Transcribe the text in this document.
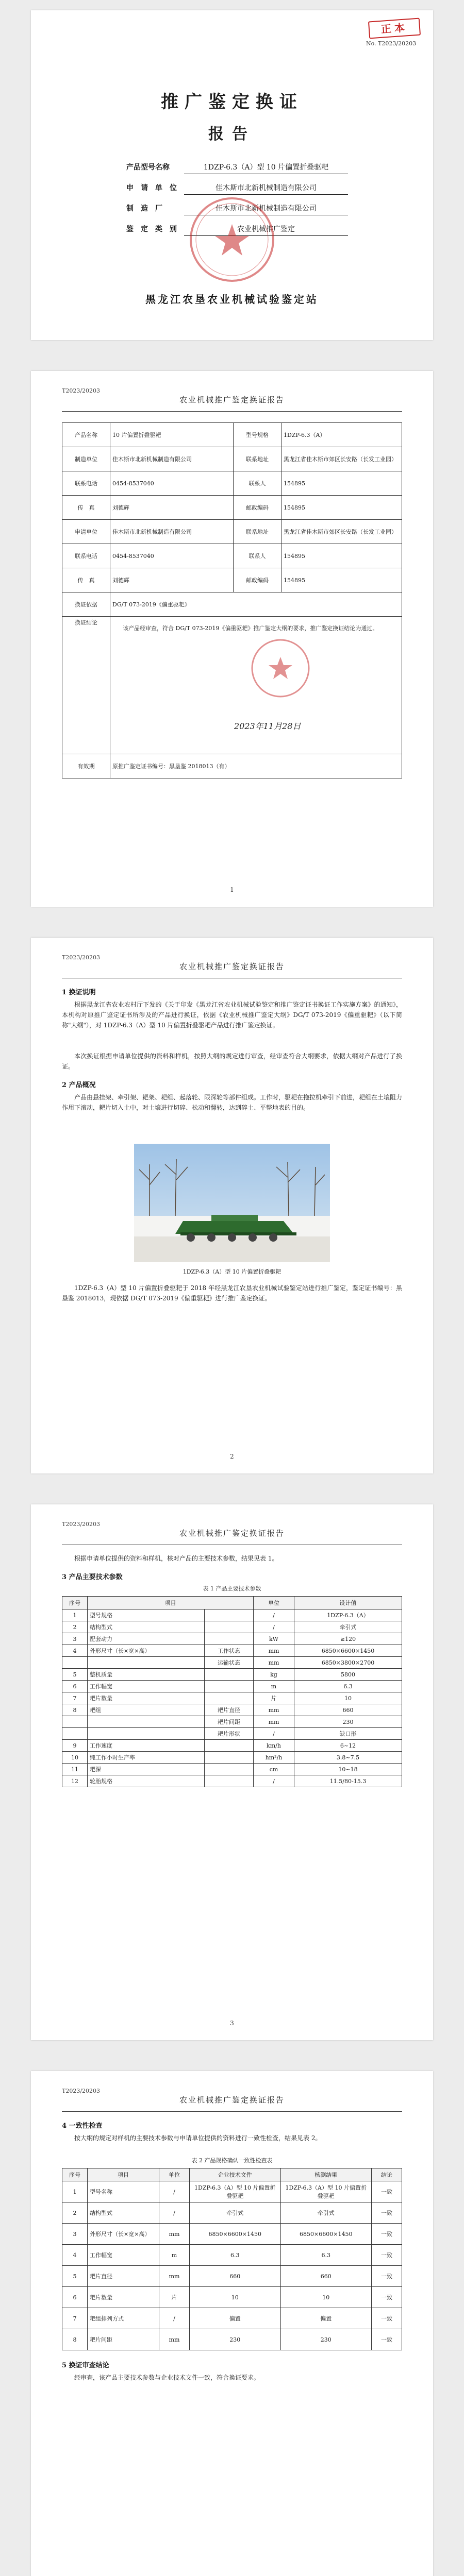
正本
No. T2023/20203
推广鉴定换证
报告
产品型号名称	1DZP-6.3（A）型 10 片偏置折叠驱耙
申　请　单　位	佳木斯市北新机械制造有限公司
制　造　厂	佳木斯市北新机械制造有限公司
鉴　定　类　别	农业机械推广鉴定
黑龙江农垦农业机械试验鉴定站
T2023/20203
农业机械推广鉴定换证报告
产品名称	10 片偏置折叠驱耙	型号规格	1DZP-6.3（A）
制造单位	佳木斯市北新机械制造有限公司	联系地址	黑龙江省佳木斯市郊区长安路（长发工业园）
联系电话	0454-8537040	联系人	154895
传　真	刘德辉	邮政编码	154895
申请单位	佳木斯市北新机械制造有限公司	联系地址	黑龙江省佳木斯市郊区长安路（长发工业园）
联系电话	0454-8537040	联系人	154895
传　真	刘德辉	邮政编码	154895
换证依据	DG/T 073-2019《偏重驱耙》		
换证结论	该产品经审查，符合 DG/T 073-2019《偏重驱耙》推广鉴定大纲的要求，推广鉴定换证结论为通过。
2023年11月28日		

有效期	原推广鉴定证书编号：黑垦鉴 2018013（有）		
1
T2023/20203
农业机械推广鉴定换证报告
1 换证说明
根据黑龙江省农业农村厅下发的《关于印发《黑龙江省农业机械试验鉴定和推广鉴定证书换证工作实施方案》的通知》，本机构对原推广鉴定证书所涉及的产品进行换证，依据《农业机械推广鉴定大纲》DG/T 073-2019《偏重驱耙》（以下简称"大纲"），对 1DZP-6.3（A）型 10 片偏置折叠驱耙产品进行推广鉴定换证。
本次换证根据申请单位提供的资料和样机，按照大纲的规定进行审查，经审查符合大纲要求，依据大纲对产品进行了换证。
2 产品概况
产品由悬挂架、牵引架、耙架、耙组、起落轮、限深轮等部件组成。工作时，驱耙在拖拉机牵引下前进，耙组在土壤阻力作用下滚动，耙片切入土中，对土壤进行切碎、松动和翻转，达到碎土、平整地表的目的。
1DZP-6.3（A）型 10 片偏置折叠驱耙
1DZP-6.3（A）型 10 片偏置折叠驱耙于 2018 年经黑龙江农垦农业机械试验鉴定站进行推广鉴定，鉴定证书编号：黑垦鉴 2018013，现依据 DG/T 073-2019《偏重驱耙》进行推广鉴定换证。
2
T2023/20203
农业机械推广鉴定换证报告
根据申请单位提供的资料和样机，核对产品的主要技术参数，结果见表 1。
3 产品主要技术参数
表 1 产品主要技术参数
序号	项目		单位	设计值
1	型号规格		/	1DZP-6.3（A）
2	结构型式		/	牵引式
3	配套动力		kW	≥120
4	外形尺寸（长×宽×高）	工作状态	mm	6850×6600×1450
		运输状态	mm	6850×3800×2700
5	整机质量		kg	5800
6	工作幅宽		m	6.3
7	耙片数量		片	10
8	耙组	耙片直径	mm	660
		耙片间距	mm	230
		耙片形状	/	缺口形
9	工作速度		km/h	6~12
10	纯工作小时生产率		hm²/h	3.8~7.5
11	耙深		cm	10~18
12	轮胎规格		/	11.5/80-15.3
3
T2023/20203
农业机械推广鉴定换证报告
4 一致性检查
按大纲的规定对样机的主要技术参数与申请单位提供的资料进行一致性检查，结果见表 2。
表 2 产品规格确认一致性检查表
序号	项目	单位	企业技术文件	核测结果	结论
1	型号名称	/	1DZP-6.3（A）型 10 片偏置折叠驱耙	1DZP-6.3（A）型 10 片偏置折叠驱耙	一致
2	结构型式	/	牵引式	牵引式	一致
3	外形尺寸（长×宽×高）	mm	6850×6600×1450	6850×6600×1450	一致
4	工作幅宽	m	6.3	6.3	一致
5	耙片直径	mm	660	660	一致
6	耙片数量	片	10	10	一致
7	耙组排列方式	/	偏置	偏置	一致
8	耙片间距	mm	230	230	一致
5 换证审查结论
经审查，该产品主要技术参数与企业技术文件一致，符合换证要求。
